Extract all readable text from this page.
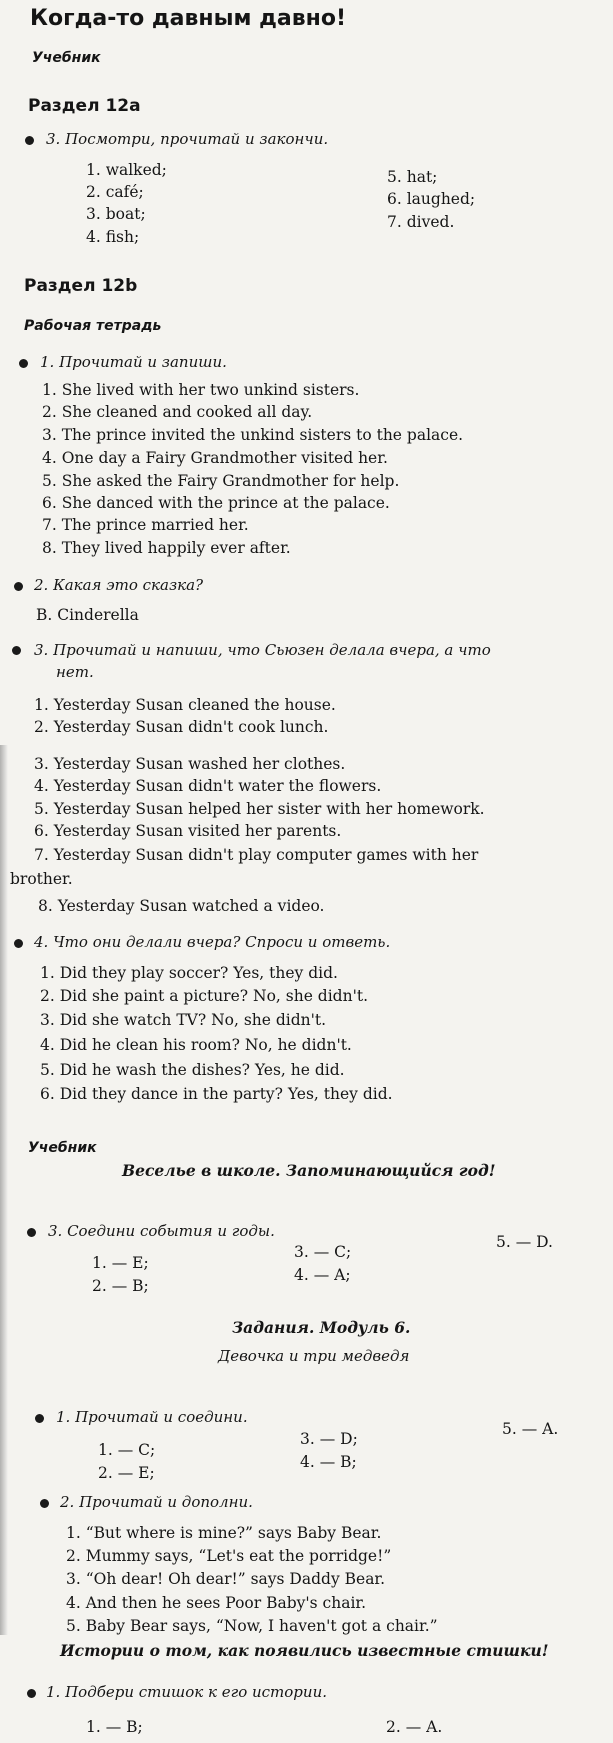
Когда-то давным давно!
Учебник
Раздел 12a
3. Посмотри, прочитай и закончи.
1. walked;
2. café;
3. boat;
4. fish;
5. hat;
6. laughed;
7. dived.
Раздел 12b
Рабочая тетрадь
1. Прочитай и запиши.
1. She lived with her two unkind sisters.
2. She cleaned and cooked all day.
3. The prince invited the unkind sisters to the palace.
4. One day a Fairy Grandmother visited her.
5. She asked the Fairy Grandmother for help.
6. She danced with the prince at the palace.
7. The prince married her.
8. They lived happily ever after.
2. Какая это сказка?
B. Cinderella
3. Прочитай и напиши, что Сьюзен делала вчера, а что
нет.
1. Yesterday Susan cleaned the house.
2. Yesterday Susan didn't cook lunch.
3. Yesterday Susan washed her clothes.
4. Yesterday Susan didn't water the flowers.
5. Yesterday Susan helped her sister with her homework.
6. Yesterday Susan visited her parents.
7. Yesterday Susan didn't play computer games with her
brother.
8. Yesterday Susan watched a video.
4. Что они делали вчера? Спроси и ответь.
1. Did they play soccer? Yes, they did.
2. Did she paint a picture? No, she didn't.
3. Did she watch TV? No, she didn't.
4. Did he clean his room? No, he didn't.
5. Did he wash the dishes? Yes, he did.
6. Did they dance in the party? Yes, they did.
Учебник
Веселье в школе. Запоминающийся год!
3. Соедини события и годы.
1. — E;
2. — B;
3. — C;
4. — A;
5. — D.
Задания. Модуль 6.
Девочка и три медведя
1. Прочитай и соедини.
1. — C;
2. — E;
3. — D;
4. — B;
5. — A.
2. Прочитай и дополни.
1. “But where is mine?” says Baby Bear.
2. Mummy says, “Let's eat the porridge!”
3. “Oh dear! Oh dear!” says Daddy Bear.
4. And then he sees Poor Baby's chair.
5. Baby Bear says, “Now, I haven't got a chair.”
Истории о том, как появились известные стишки!
1. Подбери стишок к его истории.
1. — B;	2. — A.
